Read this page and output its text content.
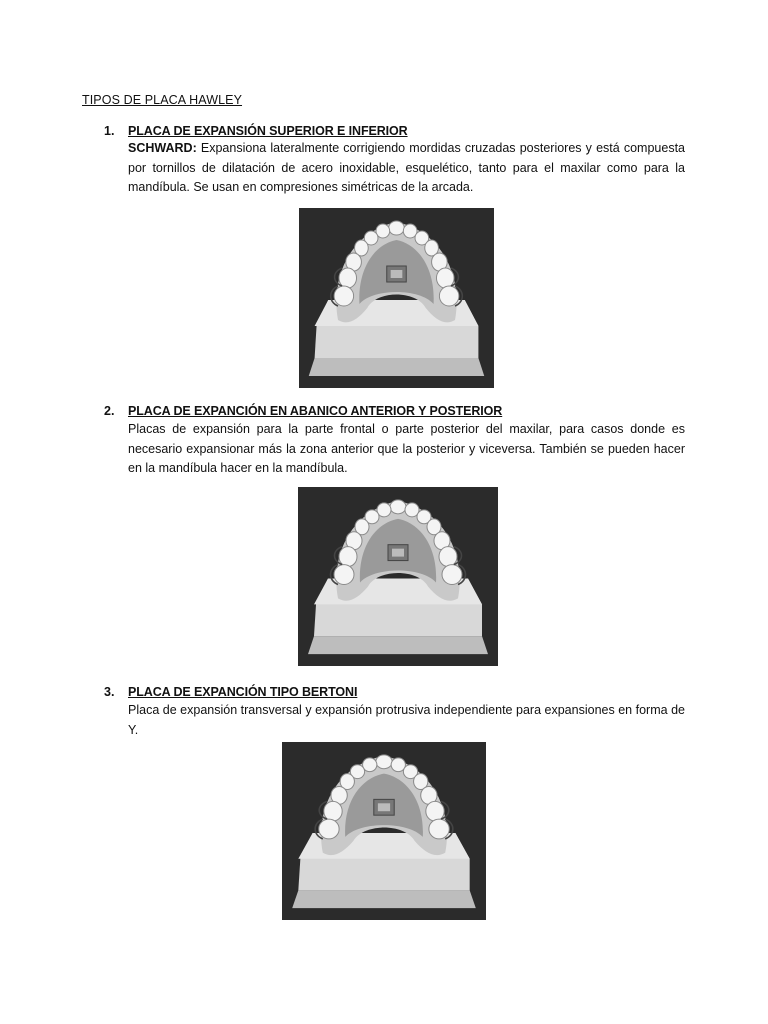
TIPOS DE PLACA HAWLEY
1. PLACA DE EXPANSIÓN SUPERIOR E INFERIOR
SCHWARD: Expansiona lateralmente corrigiendo mordidas cruzadas posteriores y está compuesta por tornillos de dilatación de acero inoxidable, esquelético, tanto para el maxilar como para la mandíbula. Se usan en compresiones simétricas de la arcada.
2. PLACA DE EXPANCIÓN EN ABANICO ANTERIOR Y POSTERIOR
Placas de expansión para la parte frontal o parte posterior del maxilar, para casos donde es necesario expansionar más la zona anterior que la posterior y viceversa. También se pueden hacer en la mandíbula hacer en la mandíbula.
3. PLACA DE EXPANCIÓN TIPO BERTONI
Placa de expansión transversal y expansión protrusiva independiente para expansiones en forma de Y.
